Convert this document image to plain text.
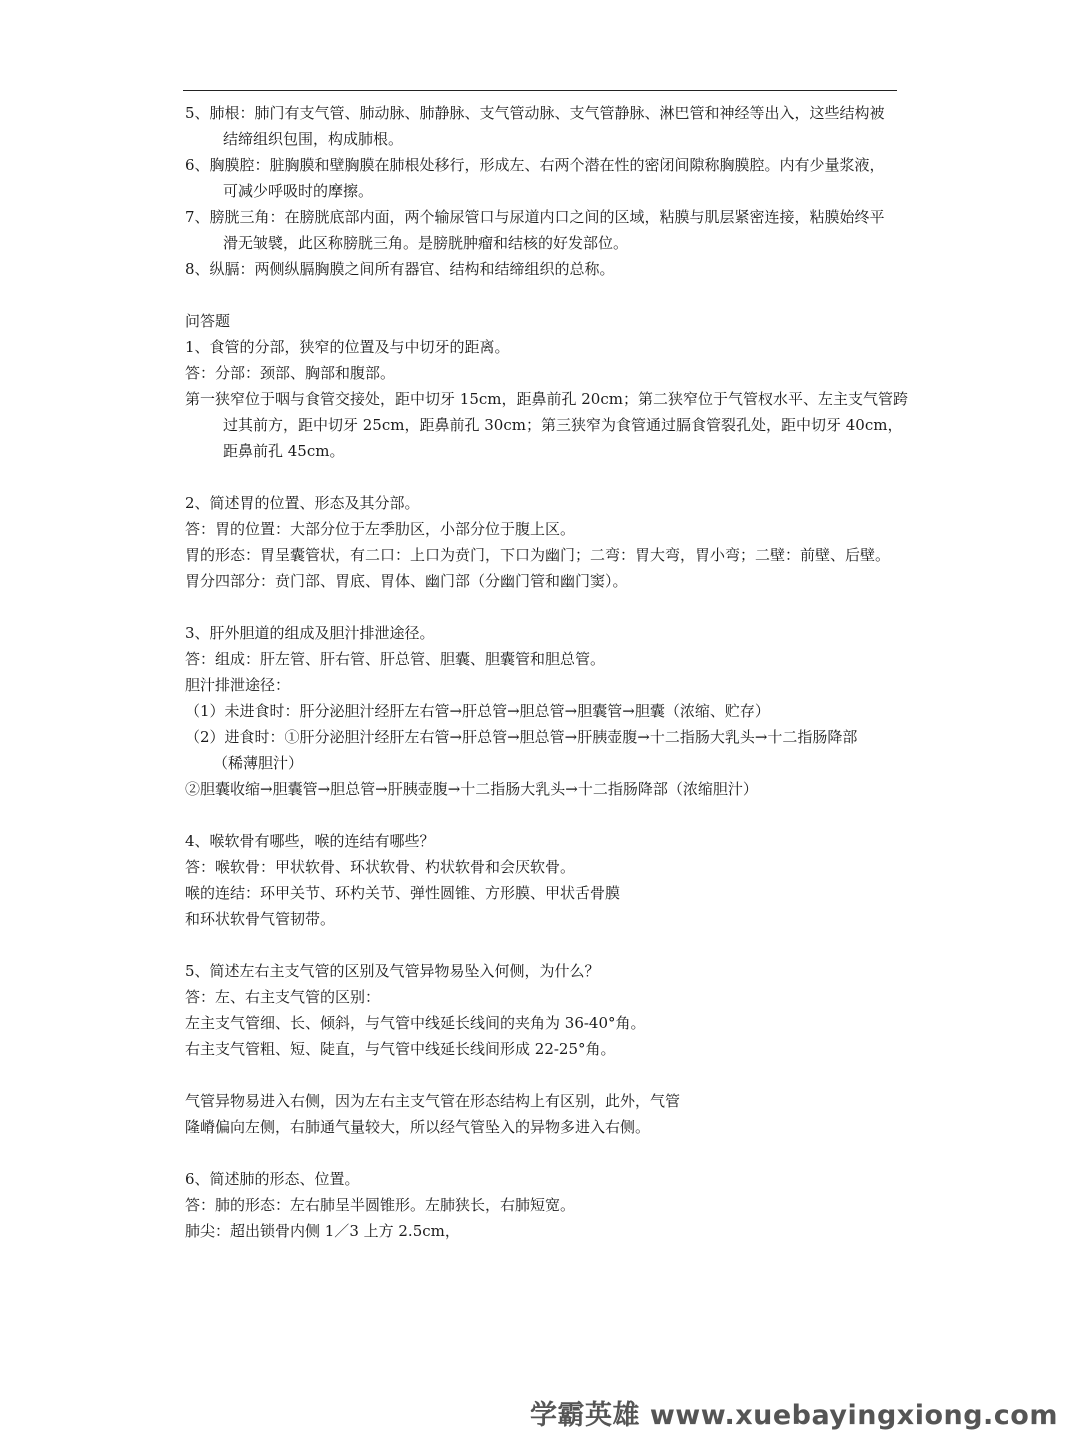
5、肺根：肺门有支气管、肺动脉、肺静脉、支气管动脉、支气管静脉、淋巴管和神经等出入，这些结构被

结缔组织包围，构成肺根。

6、胸膜腔：脏胸膜和壁胸膜在肺根处移行，形成左、右两个潜在性的密闭间隙称胸膜腔。内有少量浆液，

可减少呼吸时的摩擦。

7、膀胱三角：在膀胱底部内面，两个输尿管口与尿道内口之间的区域，粘膜与肌层紧密连接，粘膜始终平

滑无皱襞，此区称膀胱三角。是膀胱肿瘤和结核的好发部位。

8、纵膈：两侧纵膈胸膜之间所有器官、结构和结缔组织的总称。

问答题

1、食管的分部，狭窄的位置及与中切牙的距离。

答：分部：颈部、胸部和腹部。

第一狭窄位于咽与食管交接处，距中切牙 15cm，距鼻前孔 20cm；第二狭窄位于气管杈水平、左主支气管跨

过其前方，距中切牙 25cm，距鼻前孔 30cm；第三狭窄为食管通过膈食管裂孔处，距中切牙 40cm，

距鼻前孔 45cm。

2、简述胃的位置、形态及其分部。

答：胃的位置：大部分位于左季肋区，小部分位于腹上区。

胃的形态：胃呈囊管状，有二口：上口为贲门，下口为幽门；二弯：胃大弯，胃小弯；二壁：前壁、后壁。

胃分四部分：贲门部、胃底、胃体、幽门部（分幽门管和幽门窦）。

3、肝外胆道的组成及胆汁排泄途径。

答：组成：肝左管、肝右管、肝总管、胆囊、胆囊管和胆总管。

胆汁排泄途径：

（1）未进食时：肝分泌胆汁经肝左右管→肝总管→胆总管→胆囊管→胆囊（浓缩、贮存）

（2）进食时：①肝分泌胆汁经肝左右管→肝总管→胆总管→肝胰壶腹→十二指肠大乳头→十二指肠降部

（稀薄胆汁）

②胆囊收缩→胆囊管→胆总管→肝胰壶腹→十二指肠大乳头→十二指肠降部（浓缩胆汁）

4、喉软骨有哪些，喉的连结有哪些？

答：喉软骨：甲状软骨、环状软骨、杓状软骨和会厌软骨。

喉的连结：环甲关节、环杓关节、弹性圆锥、方形膜、甲状舌骨膜

和环状软骨气管韧带。

5、简述左右主支气管的区别及气管异物易坠入何侧，为什么？

答：左、右主支气管的区别：

左主支气管细、长、倾斜，与气管中线延长线间的夹角为 36-40°角。

右主支气管粗、短、陡直，与气管中线延长线间形成 22-25°角。

气管异物易进入右侧，因为左右主支气管在形态结构上有区别，此外，气管

隆嵴偏向左侧，右肺通气量较大，所以经气管坠入的异物多进入右侧。

6、简述肺的形态、位置。

答：肺的形态：左右肺呈半圆锥形。左肺狭长，右肺短宽。

肺尖：超出锁骨内侧 1／3 上方 2.5cm，

学霸英雄 www.xuebayingxiong.com
